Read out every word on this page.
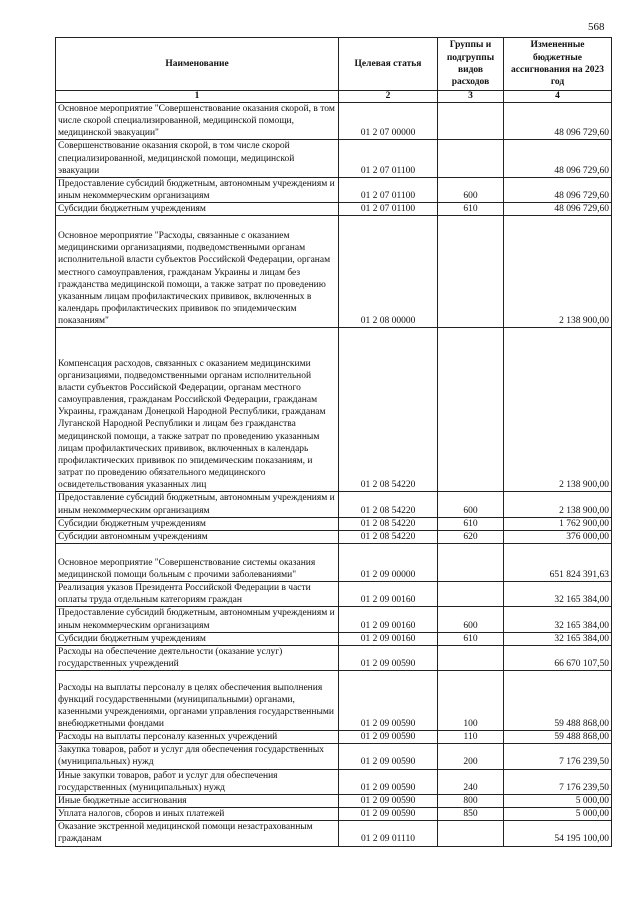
568
Наименование	Целевая статья	Группы и подгруппы видов расходов	Измененные бюджетные ассигнования на 2023 год
1	2	3	4
Основное мероприятие "Совершенствование оказания скорой, в том числе скорой специализированной, медицинской помощи, медицинской эвакуации"	01 2 07 00000		48 096 729,60
Совершенствование оказания скорой, в том числе скорой специализированной, медицинской помощи, медицинской эвакуации	01 2 07 01100		48 096 729,60
Предоставление субсидий бюджетным, автономным учреждениям и иным некоммерческим организациям	01 2 07 01100	600	48 096 729,60
Субсидии бюджетным учреждениям	01 2 07 01100	610	48 096 729,60
Основное мероприятие "Расходы, связанные с оказанием медицинскими организациями, подведомственными органам исполнительной власти субъектов Российской Федерации, органам местного самоуправления, гражданам Украины и лицам без гражданства медицинской помощи, а также затрат по проведению указанным лицам профилактических прививок, включенных в календарь профилактических прививок по эпидемическим показаниям"	01 2 08 00000		2 138 900,00
Компенсация расходов, связанных с оказанием медицинскими организациями, подведомственными органам исполнительной власти субъектов Российской Федерации, органам местного самоуправления, гражданам Российской Федерации, гражданам Украины, гражданам Донецкой Народной Республики, гражданам Луганской Народной Республики и лицам без гражданства медицинской помощи, а также затрат по проведению указанным лицам профилактических прививок, включенных в календарь профилактических прививок по эпидемическим показаниям, и затрат по проведению обязательного медицинского освидетельствования указанных лиц	01 2 08 54220		2 138 900,00
Предоставление субсидий бюджетным, автономным учреждениям и иным некоммерческим организациям	01 2 08 54220	600	2 138 900,00
Субсидии бюджетным учреждениям	01 2 08 54220	610	1 762 900,00
Субсидии автономным учреждениям	01 2 08 54220	620	376 000,00
Основное мероприятие "Совершенствование системы оказания медицинской помощи больным с прочими заболеваниями"	01 2 09 00000		651 824 391,63
Реализация указов Президента Российской Федерации в части оплаты труда отдельным категориям граждан	01 2 09 00160		32 165 384,00
Предоставление субсидий бюджетным, автономным учреждениям и иным некоммерческим организациям	01 2 09 00160	600	32 165 384,00
Субсидии бюджетным учреждениям	01 2 09 00160	610	32 165 384,00
Расходы на обеспечение деятельности (оказание услуг) государственных учреждений	01 2 09 00590		66 670 107,50
Расходы на выплаты персоналу в целях обеспечения выполнения функций государственными (муниципальными) органами, казенными учреждениями, органами управления государственными внебюджетными фондами	01 2 09 00590	100	59 488 868,00
Расходы на выплаты персоналу казенных учреждений	01 2 09 00590	110	59 488 868,00
Закупка товаров, работ и услуг для обеспечения государственных (муниципальных) нужд	01 2 09 00590	200	7 176 239,50
Иные закупки товаров, работ и услуг для обеспечения государственных (муниципальных) нужд	01 2 09 00590	240	7 176 239,50
Иные бюджетные ассигнования	01 2 09 00590	800	5 000,00
Уплата налогов, сборов и иных платежей	01 2 09 00590	850	5 000,00
Оказание экстренной медицинской помощи незастрахованным гражданам	01 2 09 01110		54 195 100,00
